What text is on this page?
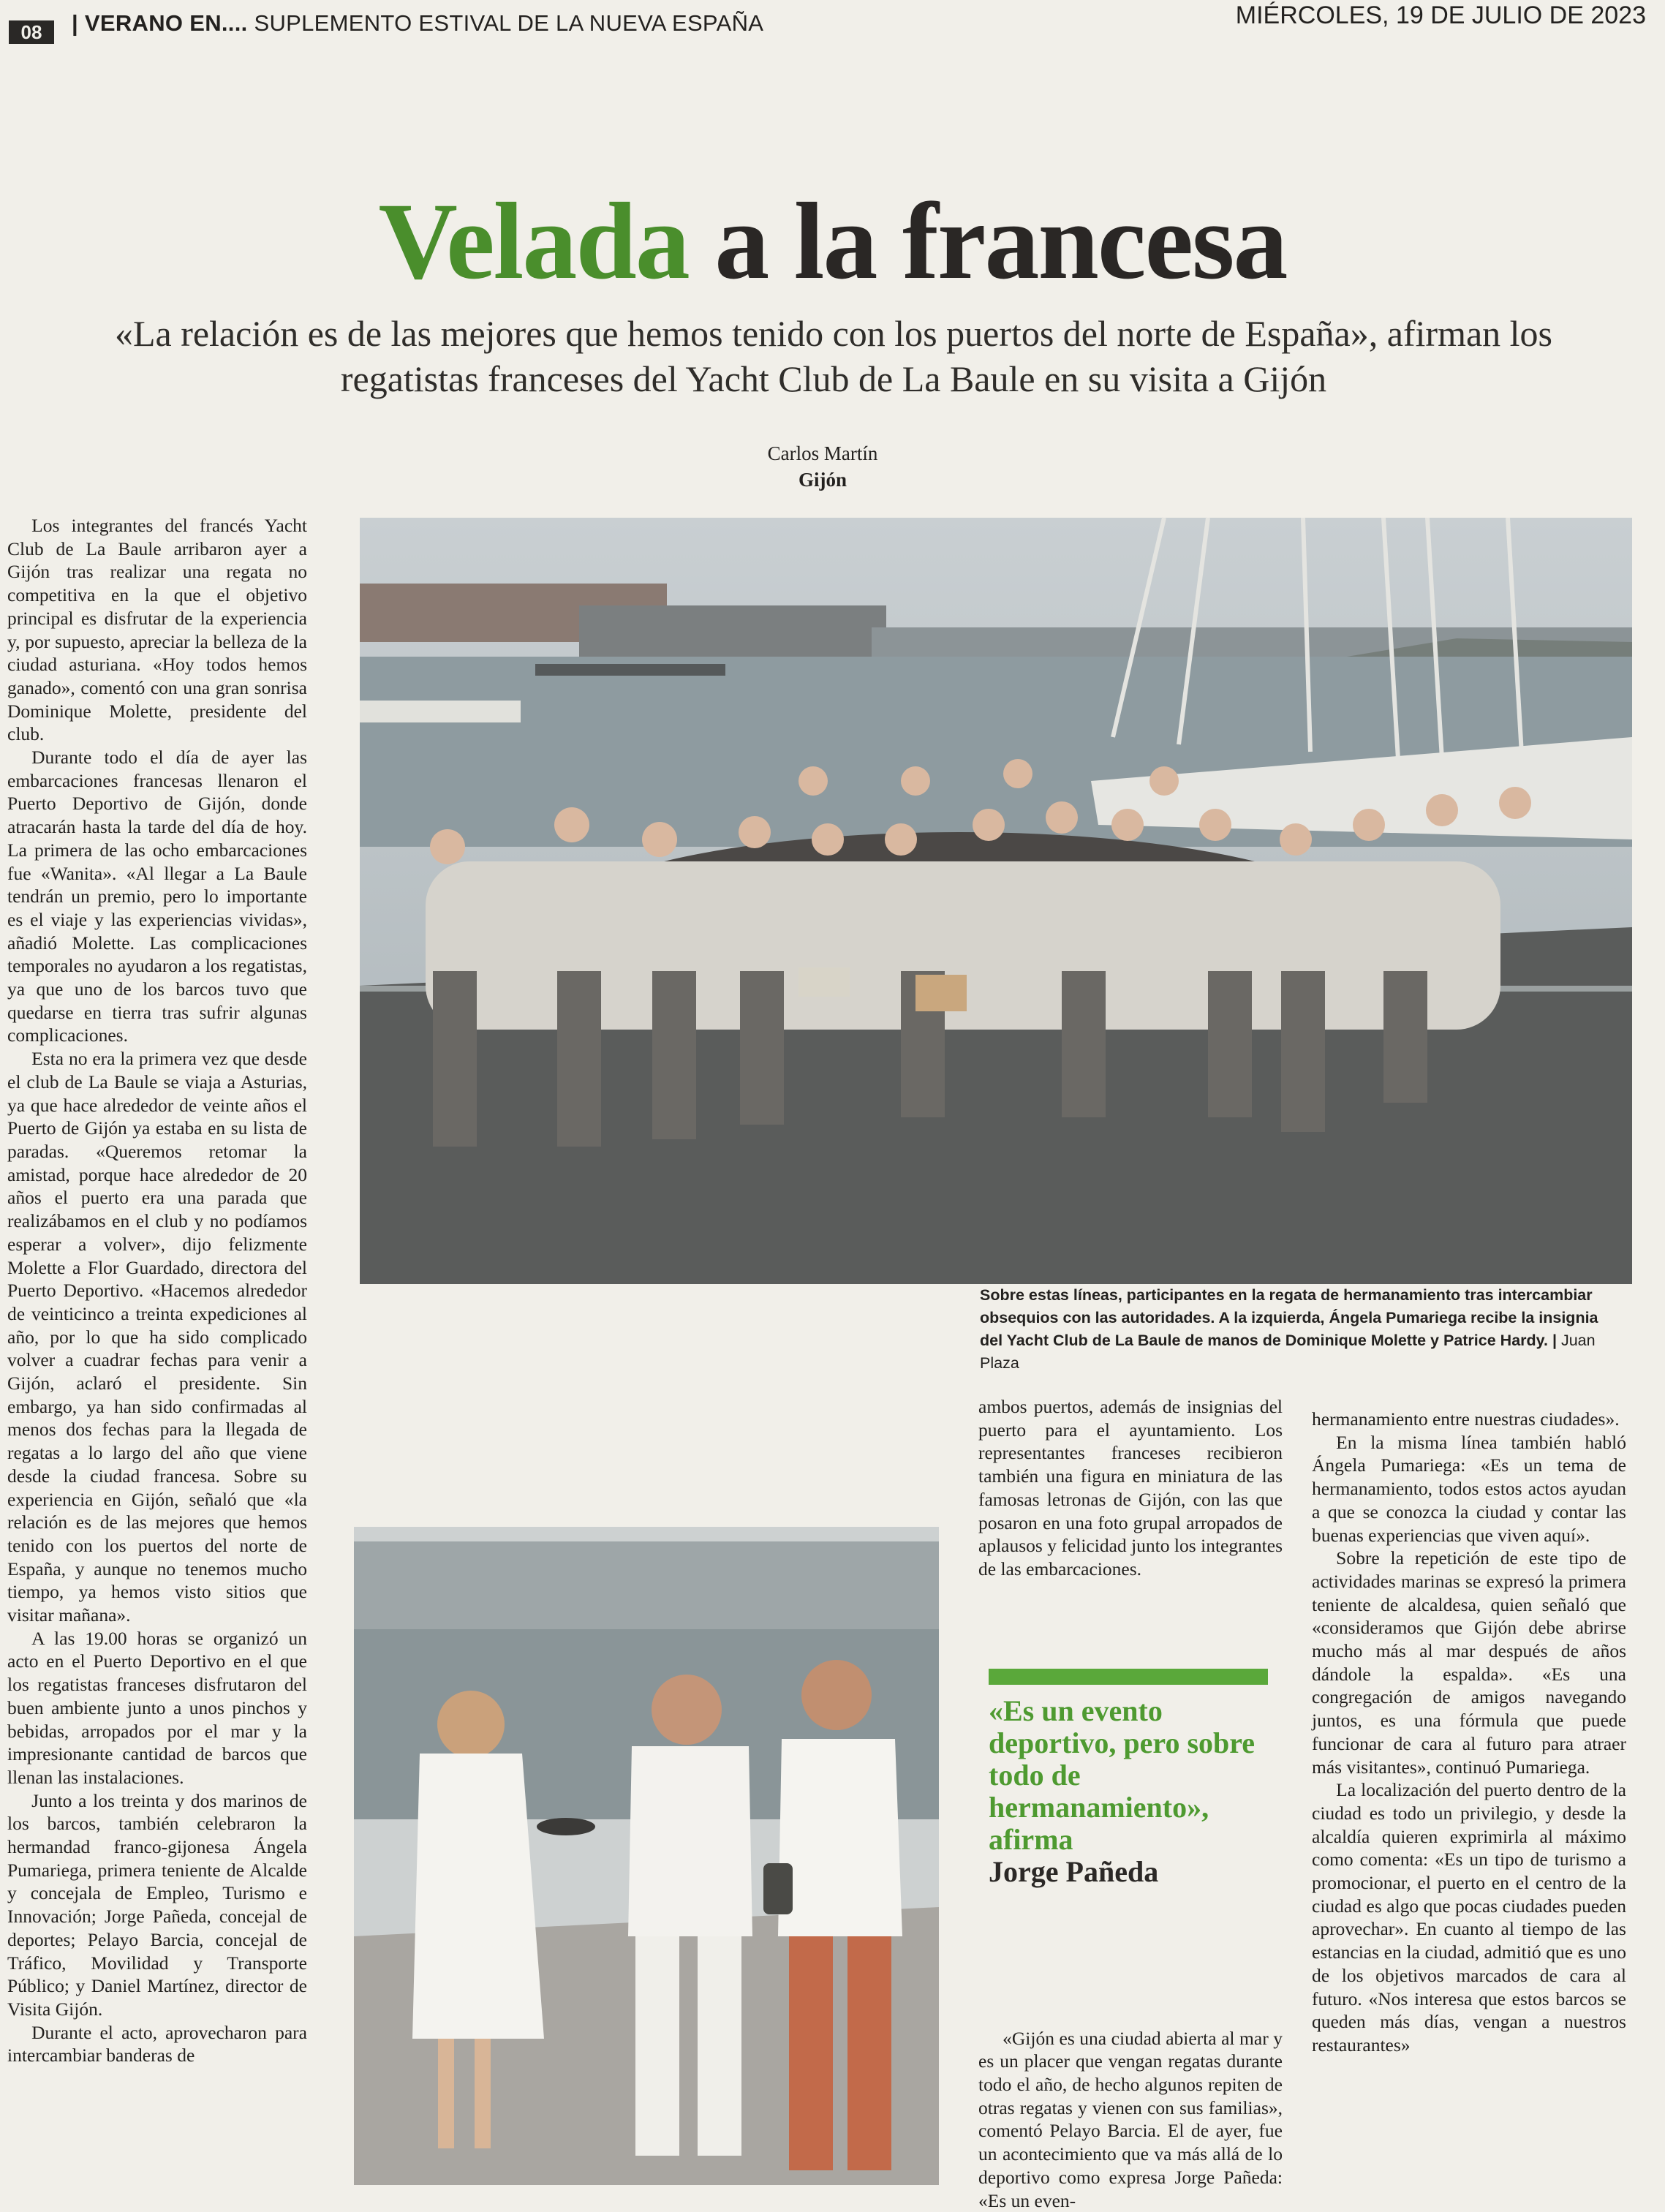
08	| VERANO EN.... SUPLEMENTO ESTIVAL DE LA NUEVA ESPAÑA	MIÉRCOLES, 19 DE JULIO DE 2023
Velada a la francesa
«La relación es de las mejores que hemos tenido con los puertos del norte de España», afirman los regatistas franceses del Yacht Club de La Baule en su visita a Gijón
Carlos Martín
Gijón

Los integrantes del francés Yacht Club de La Baule arribaron ayer a Gijón tras realizar una regata no competitiva en la que el objetivo principal es disfrutar de la experiencia y, por supuesto, apreciar la belleza de la ciudad asturiana. «Hoy todos hemos ganado», comentó con una gran sonrisa Dominique Molette, presidente del club.

Durante todo el día de ayer las embarcaciones francesas llenaron el Puerto Deportivo de Gijón, donde atracarán hasta la tarde del día de hoy. La primera de las ocho embarcaciones fue «Wanita». «Al llegar a La Baule tendrán un premio, pero lo importante es el viaje y las experiencias vividas», añadió Molette. Las complicaciones temporales no ayudaron a los regatistas, ya que uno de los barcos tuvo que quedarse en tierra tras sufrir algunas complicaciones.

Esta no era la primera vez que desde el club de La Baule se viaja a Asturias, ya que hace alrededor de veinte años el Puerto de Gijón ya estaba en su lista de paradas. «Queremos retomar la amistad, porque hace alrededor de 20 años el puerto era una parada que realizábamos en el club y no podíamos esperar a volver», dijo felizmente Molette a Flor Guardado, directora del Puerto Deportivo. «Hacemos alrededor de veinticinco a treinta expediciones al año, por lo que ha sido complicado volver a cuadrar fechas para venir a Gijón, aclaró el presidente. Sin embargo, ya han sido confirmadas al menos dos fechas para la llegada de regatas a lo largo del año que viene desde la ciudad francesa. Sobre su experiencia en Gijón, señaló que «la relación es de las mejores que hemos tenido con los puertos del norte de España, y aunque no tenemos mucho tiempo, ya hemos visto sitios que visitar mañana».

A las 19.00 horas se organizó un acto en el Puerto Deportivo en el que los regatistas franceses disfrutaron del buen ambiente junto a unos pinchos y bebidas, arropados por el mar y la impresionante cantidad de barcos que llenan las instalaciones.

Junto a los treinta y dos marinos de los barcos, también celebraron la hermandad franco-gijonesa Ángela Pumariega, primera teniente de Alcalde y concejala de Empleo, Turismo e Innovación; Jorge Pañeda, concejal de deportes; Pelayo Barcia, concejal de Tráfico, Movilidad y Transporte Público; y Daniel Martínez, director de Visita Gijón.

Durante el acto, aprovecharon para intercambiar banderas de

Sobre estas líneas, participantes en la regata de hermanamiento tras intercambiar obsequios con las autoridades. A la izquierda, Ángela Pumariega recibe la insignia del Yacht Club de La Baule de manos de Dominique Molette y Patrice Hardy. | Juan Plaza

ambos puertos, además de insignias del puerto para el ayuntamiento. Los representantes franceses recibieron también una figura en miniatura de las famosas letronas de Gijón, con las que posaron en una foto grupal arropados de aplausos y felicidad junto los integrantes de las embarcaciones.

«Gijón es una ciudad abierta al mar y es un placer que vengan regatas durante todo el año, de hecho algunos repiten de otras regatas y vienen con sus familias», comentó Pelayo Barcia. El de ayer, fue un acontecimiento que va más allá de lo deportivo como expresa Jorge Pañeda: «Es un even-

«Es un evento deportivo, pero sobre todo de hermanamiento», afirma
Jorge Pañeda

hermanamiento entre nuestras ciudades».

En la misma línea también habló Ángela Pumariega: «Es un tema de hermanamiento, todos estos actos ayudan a que se conozca la ciudad y contar las buenas experiencias que viven aquí».

Sobre la repetición de este tipo de actividades marinas se expresó la primera teniente de alcaldesa, quien señaló que «consideramos que Gijón debe abrirse mucho más al mar después de años dándole la espalda». «Es una congregación de amigos navegando juntos, es una fórmula que puede funcionar de cara al futuro para atraer más visitantes», continuó Pumariega.

La localización del puerto dentro de la ciudad es todo un privilegio, y desde la alcaldía quieren exprimirla al máximo como comenta: «Es un tipo de turismo a promocionar, el puerto en el centro de la ciudad es algo que pocas ciudades pueden aprovechar». En cuanto al tiempo de las estancias en la ciudad, admitió que es uno de los objetivos marcados de cara al futuro. «Nos interesa que estos barcos se queden más días, vengan a nuestros restaurantes»
